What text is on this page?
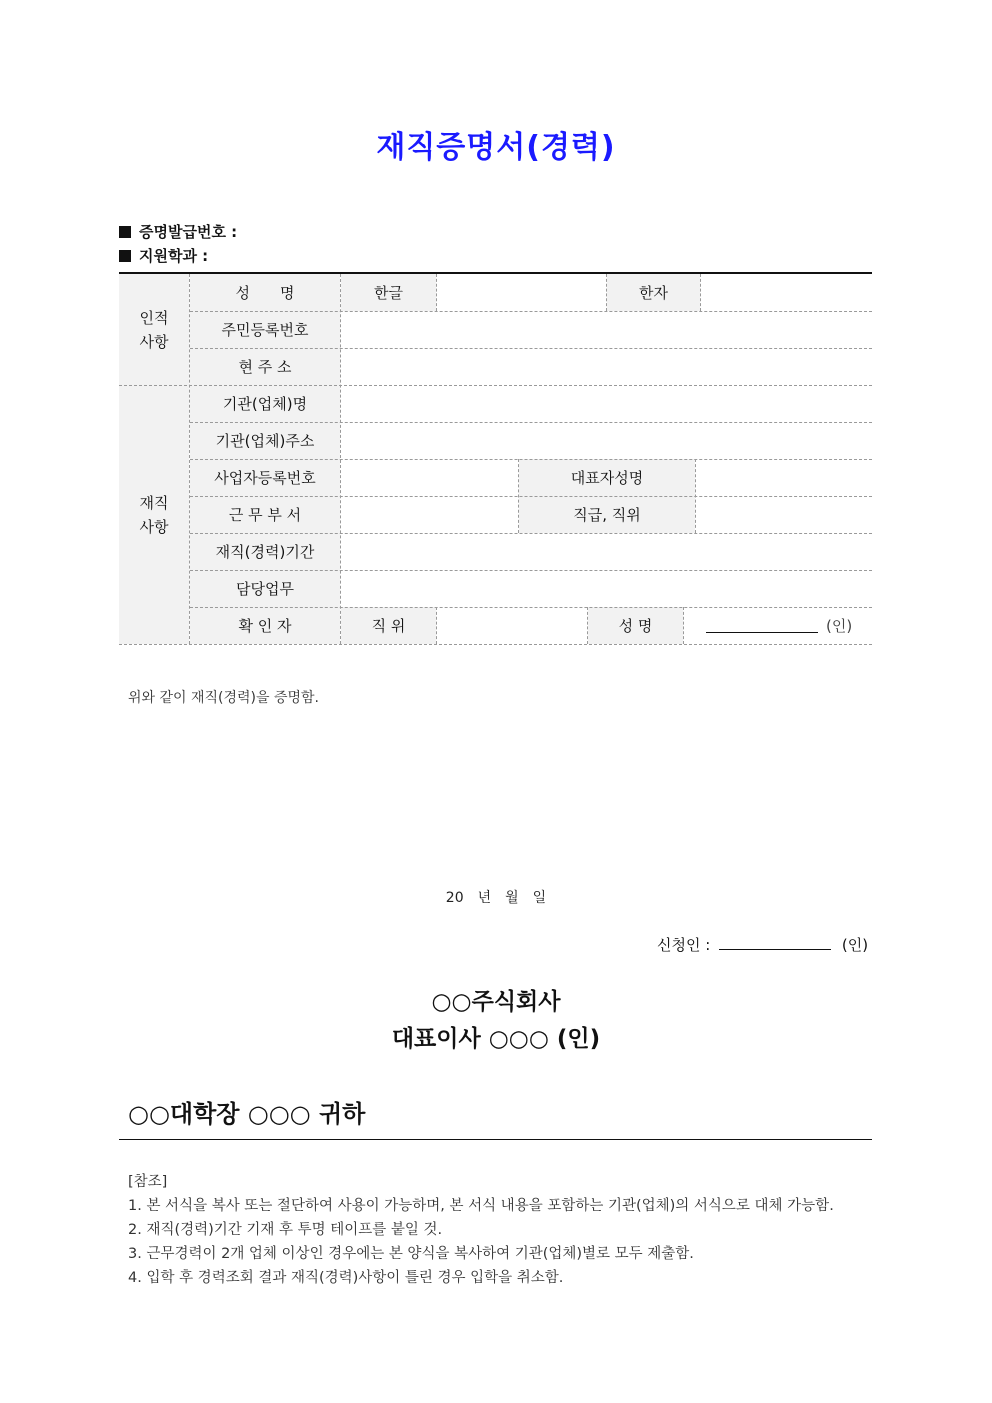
재직증명서(경력)
증명발급번호 :
지원학과 :
인적
사항
재직
사항
성　　명	한글	한자
주민등록번호
현 주 소
기관(업체)명
기관(업체)주소
사업자등록번호	대표자성명
근 무 부 서	직급, 직위
재직(경력)기간
담당업무
확 인 자	직 위	성 명	(인)
위와 같이 재직(경력)을 증명함.
20　년　월　일
신청인 :	(인)
○○주식회사
대표이사 ○○○ (인)
○○대학장 ○○○ 귀하
[참조]
1. 본 서식을 복사 또는 절단하여 사용이 가능하며, 본 서식 내용을 포함하는 기관(업체)의 서식으로 대체 가능함.
2. 재직(경력)기간 기재 후 투명 테이프를 붙일 것.
3. 근무경력이 2개 업체 이상인 경우에는 본 양식을 복사하여 기관(업체)별로 모두 제출함.
4. 입학 후 경력조회 결과 재직(경력)사항이 틀린 경우 입학을 취소함.
